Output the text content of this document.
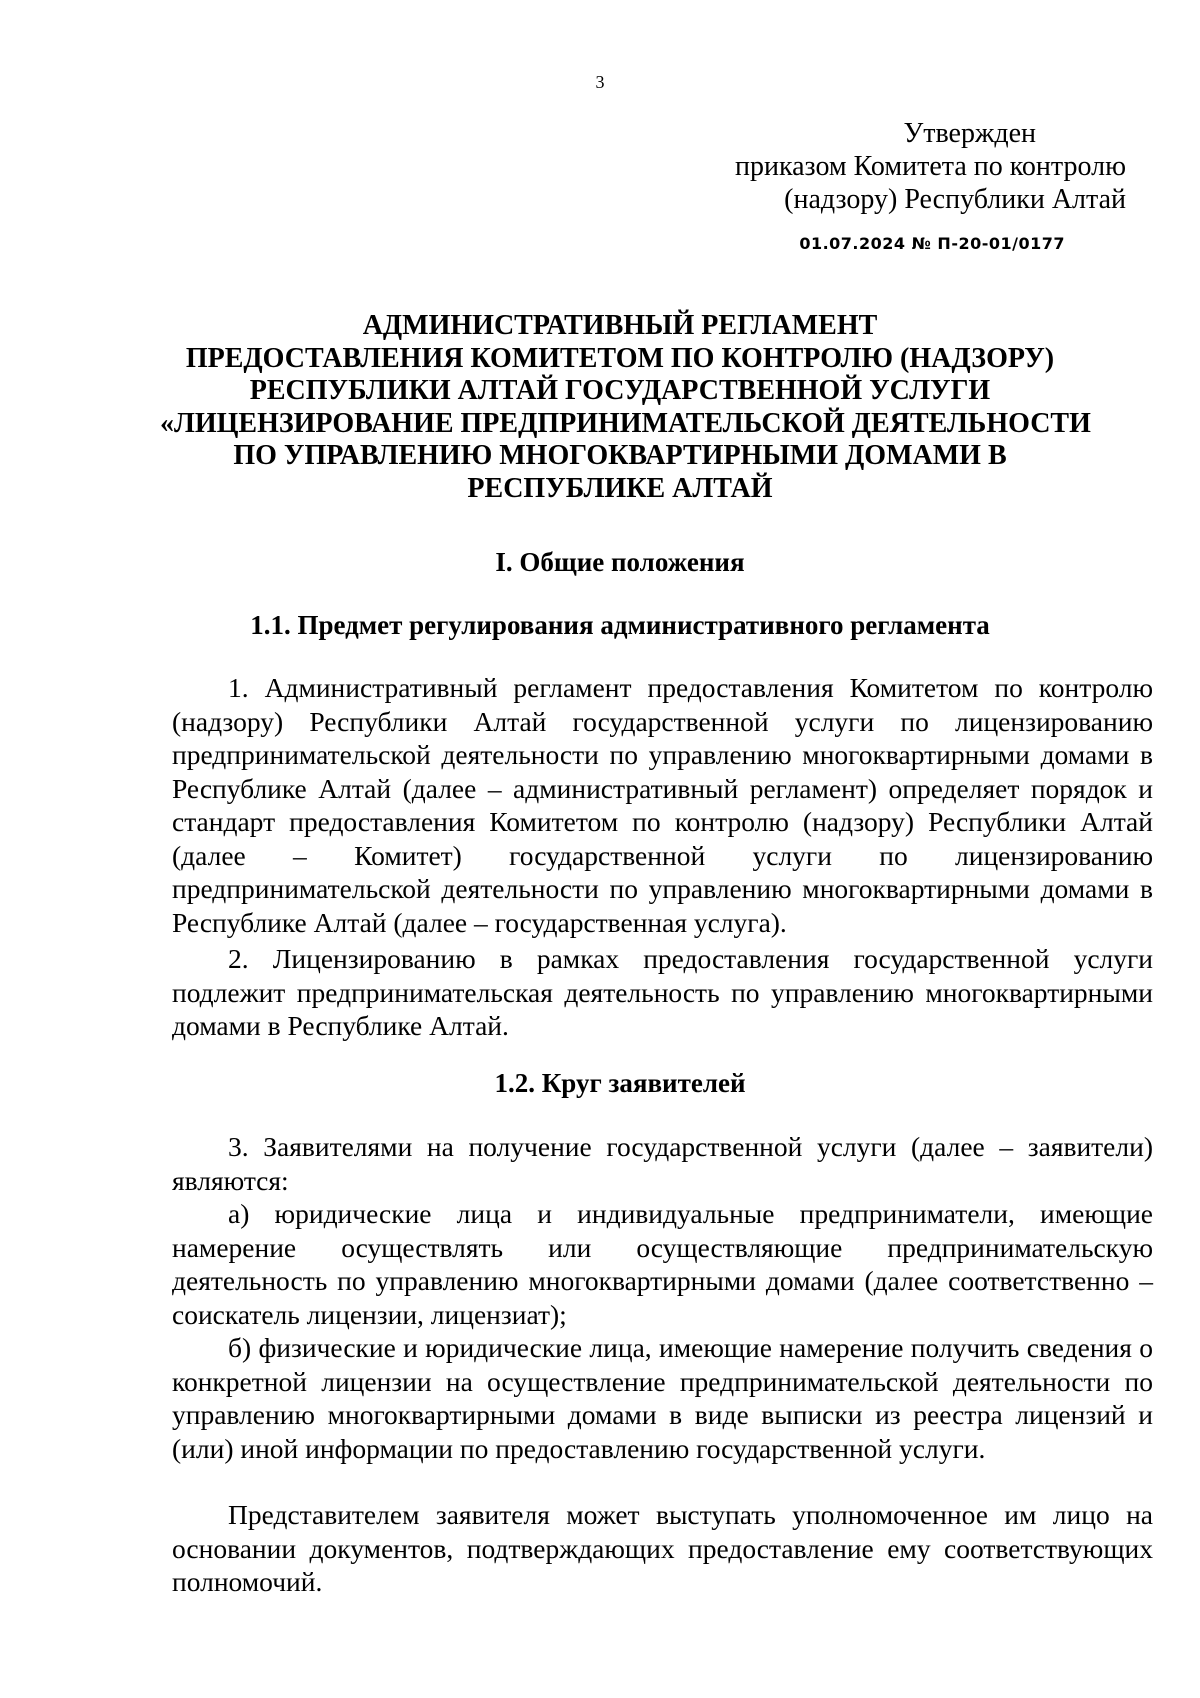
3
Утвержден
приказом Комитета по контролю
(надзору) Республики Алтай
01.07.2024 № П-20-01/0177
АДМИНИСТРАТИВНЫЙ РЕГЛАМЕНТ
ПРЕДОСТАВЛЕНИЯ КОМИТЕТОМ ПО КОНТРОЛЮ (НАДЗОРУ)
РЕСПУБЛИКИ АЛТАЙ ГОСУДАРСТВЕННОЙ УСЛУГИ
«ЛИЦЕНЗИРОВАНИЕ ПРЕДПРИНИМАТЕЛЬСКОЙ ДЕЯТЕЛЬНОСТИ
ПО УПРАВЛЕНИЮ МНОГОКВАРТИРНЫМИ ДОМАМИ В
РЕСПУБЛИКЕ АЛТАЙ
I. Общие положения
1.1. Предмет регулирования административного регламента

1. Административный регламент предоставления Комитетом по контролю (надзору) Республики Алтай государственной услуги по лицензированию предпринимательской деятельности по управлению многоквартирными домами в Республике Алтай (далее – административный регламент) определяет порядок и стандарт предоставления Комитетом по контролю (надзору) Республики Алтай (далее – Комитет) государственной услуги по лицензированию предпринимательской деятельности по управлению многоквартирными домами в Республике Алтай (далее – государственная услуга).

2. Лицензированию в рамках предоставления государственной услуги подлежит предпринимательская деятельность по управлению многоквартирными домами в Республике Алтай.

1.2. Круг заявителей

3. Заявителями на получение государственной услуги (далее – заявители) являются:

а) юридические лица и индивидуальные предприниматели, имеющие намерение осуществлять или осуществляющие предпринимательскую деятельность по управлению многоквартирными домами (далее соответственно – соискатель лицензии, лицензиат);

б) физические и юридические лица, имеющие намерение получить сведения о конкретной лицензии на осуществление предпринимательской деятельности по управлению многоквартирными домами в виде выписки из реестра лицензий и (или) иной информации по предоставлению государственной услуги.

Представителем заявителя может выступать уполномоченное им лицо на основании документов, подтверждающих предоставление ему соответствующих полномочий.
